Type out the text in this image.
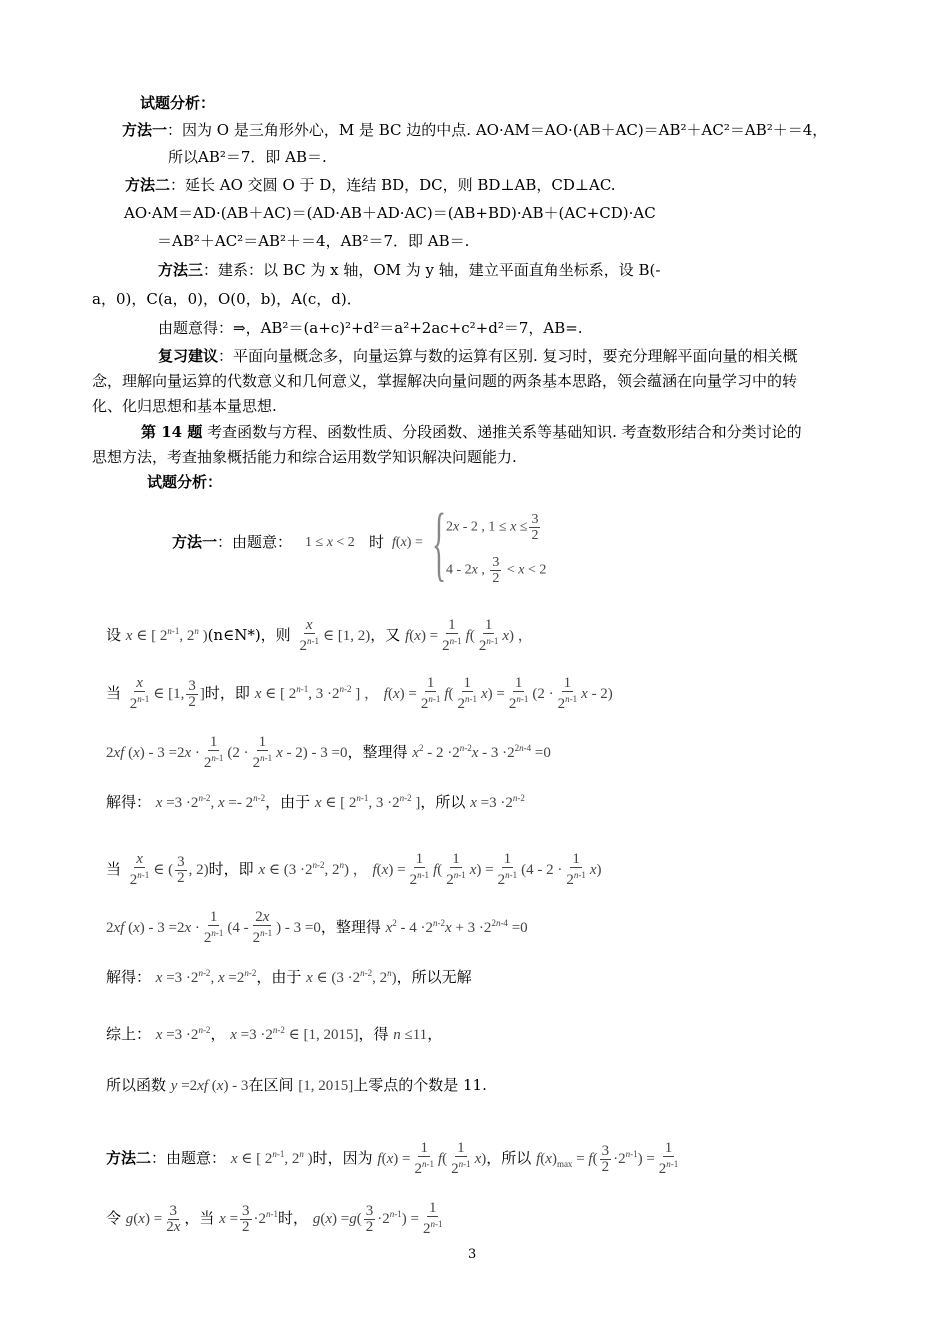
试题分析：
方法一：因为 O 是三角形外心，M 是 BC 边的中点. AO·AM＝AO·(AB＋AC)＝AB²＋AC²＝AB²＋＝4，
所以AB²＝7．即 AB＝.
方法二：延长 AO 交圆 O 于 D，连结 BD，DC，则 BD⊥AB，CD⊥AC.
AO·AM＝AD·(AB＋AC)＝(AD·AB＋AD·AC)＝(AB+BD)·AB＋(AC+CD)·AC
＝AB²＋AC²＝AB²＋＝4，AB²＝7．即 AB＝.
方法三：建系：以 BC 为 x 轴，OM 为 y 轴，建立平面直角坐标系，设 B(-
a，0)，C(a，0)，O(0，b)，A(c，d)．
由题意得：⇒，AB²＝(a+c)²+d²＝a²+2ac+c²+d²＝7，AB=.
复习建议：平面向量概念多，向量运算与数的运算有区别. 复习时，要充分理解平面向量的相关概
念，理解向量运算的代数意义和几何意义，掌握解决向量问题的两条基本思路，领会蕴涵在向量学习中的转
化、化归思想和基本量思想.
第 14 题 考查函数与方程、函数性质、分段函数、递推关系等基础知识. 考查数形结合和分类讨论的
思想方法，考查抽象概括能力和综合运用数学知识解决问题能力.
试题分析：
方法一：由题意： 1 ≤ x < 2 时 f(x) = { 2x - 2 , $1 \le x \le \frac{3}{2}$
4 - 2x , $\frac{3}{2} < x < 2$
设 x ∈ [ 2$^{n-1}$, 2$^n$ )(n∈N*)，则 $\frac{x}{2^{n-1}}$ ∈ [1, 2)，又 $f(x) = \frac{1}{2^{n-1}} f( \frac{1}{2^{n-1}} x)$ ，
当 $\frac{x}{2^{n-1}}$ ∈ [1, $\frac{3}{2}$ ]时，即 x ∈ [ 2$^{n-1}$, $3 \cdot 2^{n-2}$ ] ， $f(x) = \frac{1}{2^{n-1}} f( \frac{1}{2^{n-1}} x) = \frac{1}{2^{n-1}} (2 \cdot \frac{1}{2^{n-1}}$ x - 2)
2xf $(x) - 3 =2x \cdot \frac{1}{2^{n-1}} (2 \cdot \frac{1}{2^{n-1}}$ x - 2) - 3 =0，整理得 $x^2 - 2 \cdot 2^{n-2}x - 3 \cdot 2^{2n-4} =0$
解得： $x =3 \cdot 2^{n-2}$, x =- 2$^{n-2}$，由于 x ∈ [ 2$^{n-1}$, $3 \cdot 2^{n-2}$ ]，所以 $x =3 \cdot 2^{n-2}$
当 $\frac{x}{2^{n-1}}$ ∈ ( $\frac{3}{2}$ , 2)时，即 x ∈ ($3 \cdot 2^{n-2}$, 2$^n$) ， $f(x) = \frac{1}{2^{n-1}} f( \frac{1}{2^{n-1}} x) = \frac{1}{2^{n-1}} (4 - 2 \cdot \frac{1}{2^{n-1}} x)$
2xf $(x) - 3 =2x \cdot \frac{1}{2^{n-1}} (4 - \frac{2x}{2^{n-1}}$ ) - 3 =0，整理得 $x^2 - 4 \cdot 2^{n-2}x + 3 \cdot 2^{2n-4} =0$
解得： $x =3 \cdot 2^{n-2}$, $x =2^{n-2}$，由于 x ∈ ($3 \cdot 2^{n-2}$, 2$^n$)，所以无解
综上： $x =3 \cdot 2^{n-2}$， $x =3 \cdot 2^{n-2}$ ∈ [1, 2015]，得 n ≤11，
所以函数 y =2xf (x) - 3在区间 [1, 2015]上零点的个数是 11.
方法二：由题意： x ∈ [ 2$^{n-1}$, 2$^n$ )时，因为 $f(x) = \frac{1}{2^{n-1}} f( \frac{1}{2^{n-1}} x)$，所以 $f(x)_{max} = f( \frac{3}{2} \cdot 2^{n-1}) = \frac{1}{2^{n-1}}$
令 $g(x) = \frac{3}{2x}$ ，当 $x = \frac{3}{2} \cdot 2^{n-1}$时， $g(x) =g( \frac{3}{2} \cdot 2^{n-1}) = \frac{1}{2^{n-1}}$
3
